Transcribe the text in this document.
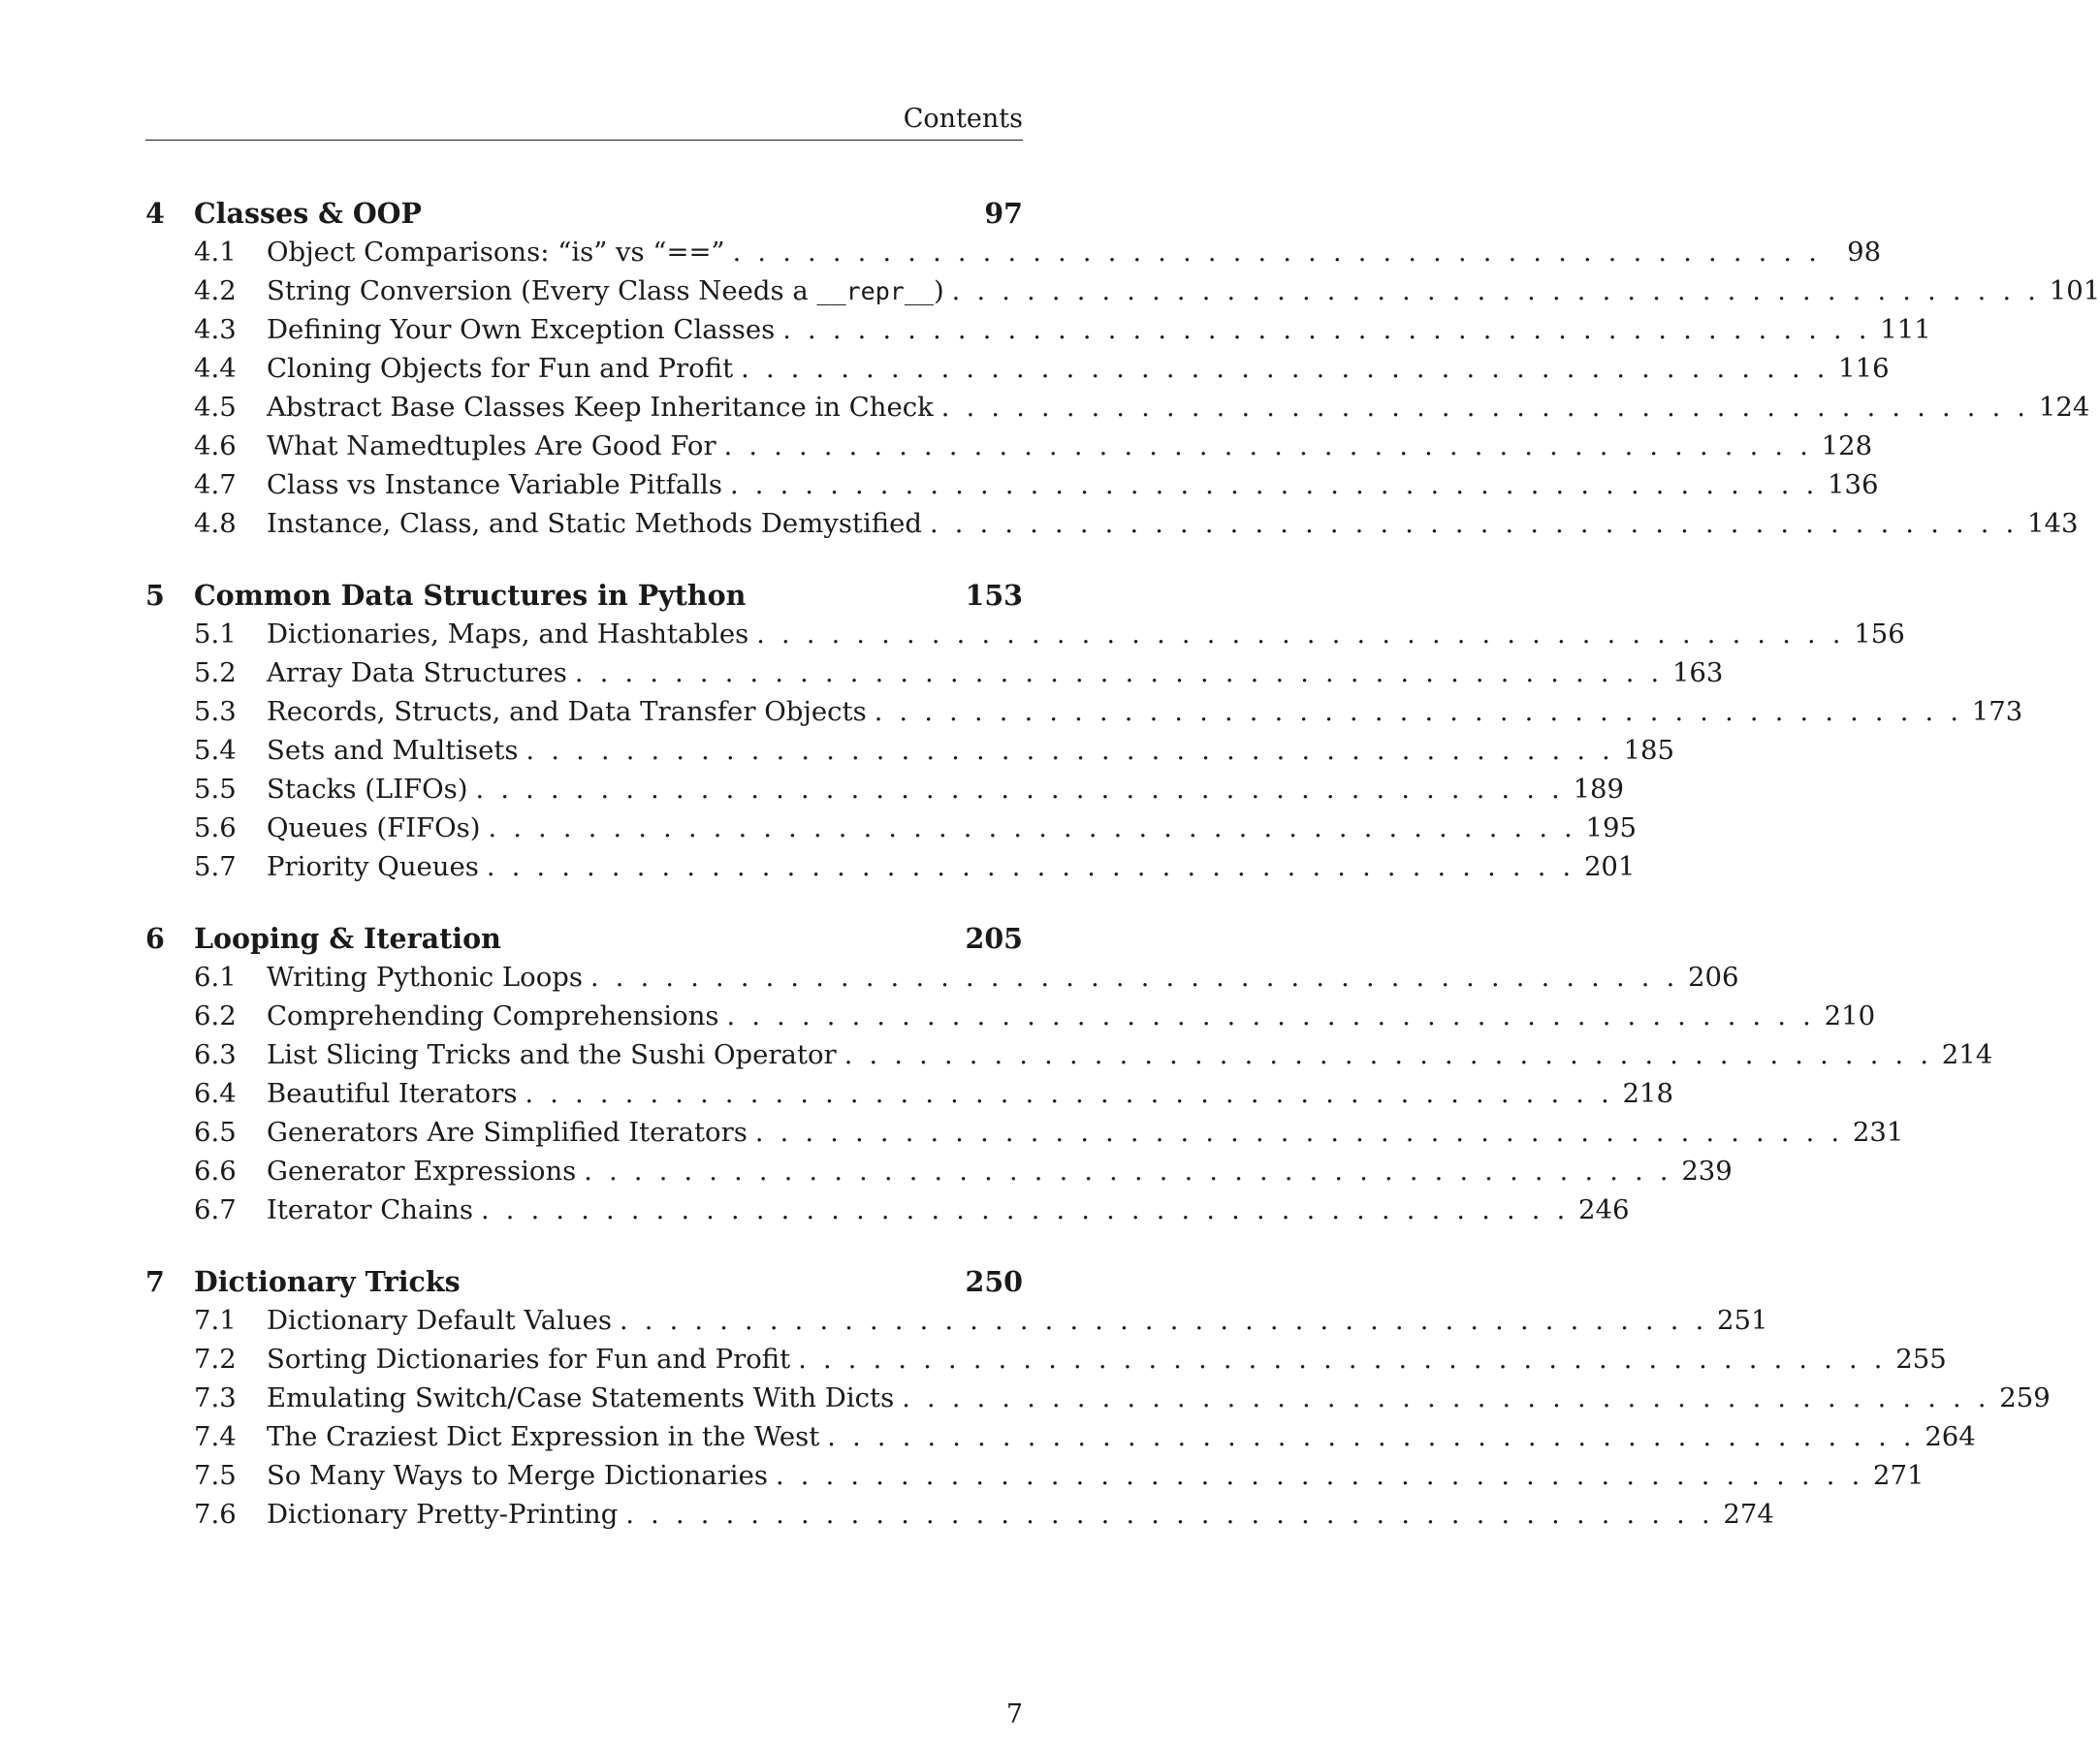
Contents
4	Classes & OOP	97
4.1	Object Comparisons: “is” vs “==” . . . . . . . . . . . . . . . . . . . . . . . . . . . . . . . . . . . . . . . . . . . . 98
4.2	String Conversion (Every Class Needs a __repr__) . . . . . . . . . . . . . . . . . . . . . . . . . . . . . . . . . . . . . . . . . . . . 101
4.3	Defining Your Own Exception Classes . . . . . . . . . . . . . . . . . . . . . . . . . . . . . . . . . . . . . . . . . . . . 111
4.4	Cloning Objects for Fun and Profit . . . . . . . . . . . . . . . . . . . . . . . . . . . . . . . . . . . . . . . . . . . . 116
4.5	Abstract Base Classes Keep Inheritance in Check . . . . . . . . . . . . . . . . . . . . . . . . . . . . . . . . . . . . . . . . . . . . 124
4.6	What Namedtuples Are Good For . . . . . . . . . . . . . . . . . . . . . . . . . . . . . . . . . . . . . . . . . . . . 128
4.7	Class vs Instance Variable Pitfalls . . . . . . . . . . . . . . . . . . . . . . . . . . . . . . . . . . . . . . . . . . . . 136
4.8	Instance, Class, and Static Methods Demystified . . . . . . . . . . . . . . . . . . . . . . . . . . . . . . . . . . . . . . . . . . . . 143
5	Common Data Structures in Python	153
5.1	Dictionaries, Maps, and Hashtables . . . . . . . . . . . . . . . . . . . . . . . . . . . . . . . . . . . . . . . . . . . . 156
5.2	Array Data Structures . . . . . . . . . . . . . . . . . . . . . . . . . . . . . . . . . . . . . . . . . . . . 163
5.3	Records, Structs, and Data Transfer Objects . . . . . . . . . . . . . . . . . . . . . . . . . . . . . . . . . . . . . . . . . . . . 173
5.4	Sets and Multisets . . . . . . . . . . . . . . . . . . . . . . . . . . . . . . . . . . . . . . . . . . . . 185
5.5	Stacks (LIFOs) . . . . . . . . . . . . . . . . . . . . . . . . . . . . . . . . . . . . . . . . . . . . 189
5.6	Queues (FIFOs) . . . . . . . . . . . . . . . . . . . . . . . . . . . . . . . . . . . . . . . . . . . . 195
5.7	Priority Queues . . . . . . . . . . . . . . . . . . . . . . . . . . . . . . . . . . . . . . . . . . . . 201
6	Looping & Iteration	205
6.1	Writing Pythonic Loops . . . . . . . . . . . . . . . . . . . . . . . . . . . . . . . . . . . . . . . . . . . . 206
6.2	Comprehending Comprehensions . . . . . . . . . . . . . . . . . . . . . . . . . . . . . . . . . . . . . . . . . . . . 210
6.3	List Slicing Tricks and the Sushi Operator . . . . . . . . . . . . . . . . . . . . . . . . . . . . . . . . . . . . . . . . . . . . 214
6.4	Beautiful Iterators . . . . . . . . . . . . . . . . . . . . . . . . . . . . . . . . . . . . . . . . . . . . 218
6.5	Generators Are Simplified Iterators . . . . . . . . . . . . . . . . . . . . . . . . . . . . . . . . . . . . . . . . . . . . 231
6.6	Generator Expressions . . . . . . . . . . . . . . . . . . . . . . . . . . . . . . . . . . . . . . . . . . . . 239
6.7	Iterator Chains . . . . . . . . . . . . . . . . . . . . . . . . . . . . . . . . . . . . . . . . . . . . 246
7	Dictionary Tricks	250
7.1	Dictionary Default Values . . . . . . . . . . . . . . . . . . . . . . . . . . . . . . . . . . . . . . . . . . . . 251
7.2	Sorting Dictionaries for Fun and Profit . . . . . . . . . . . . . . . . . . . . . . . . . . . . . . . . . . . . . . . . . . . . 255
7.3	Emulating Switch/Case Statements With Dicts . . . . . . . . . . . . . . . . . . . . . . . . . . . . . . . . . . . . . . . . . . . . 259
7.4	The Craziest Dict Expression in the West . . . . . . . . . . . . . . . . . . . . . . . . . . . . . . . . . . . . . . . . . . . . 264
7.5	So Many Ways to Merge Dictionaries . . . . . . . . . . . . . . . . . . . . . . . . . . . . . . . . . . . . . . . . . . . . 271
7.6	Dictionary Pretty-Printing . . . . . . . . . . . . . . . . . . . . . . . . . . . . . . . . . . . . . . . . . . . . 274
7
